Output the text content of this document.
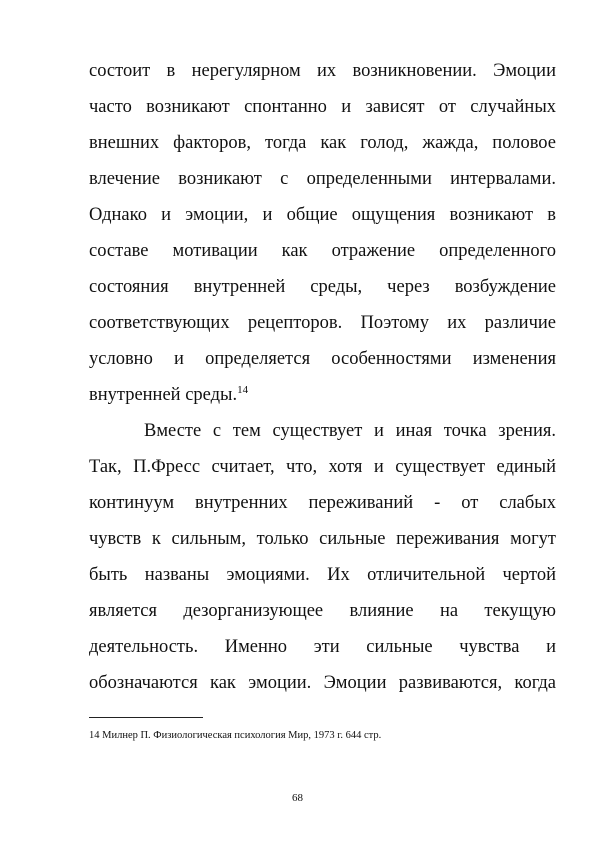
состоит в нерегулярном их возникновении. Эмоции
часто возникают спонтанно и зависят от случайных
внешних факторов, тогда как голод, жажда, половое
влечение возникают с определенными интервалами.
Однако и эмоции, и общие ощущения возникают в
составе мотивации как отражение определенного
состояния внутренней среды, через возбуждение
соответствующих рецепторов. Поэтому их различие
условно и определяется особенностями изменения
внутренней среды.$^{14}$
Вместе с тем существует и иная точка зрения.
Так, П.Фресс считает, что, хотя и существует единый
континуум внутренних переживаний - от слабых
чувств к сильным, только сильные переживания могут
быть названы эмоциями. Их отличительной чертой
является дезорганизующее влияние на текущую
деятельность. Именно эти сильные чувства и
обозначаются как эмоции. Эмоции развиваются, когда
14 Милнер П. Физиологическая психология Мир, 1973 г. 644 стр.
68
